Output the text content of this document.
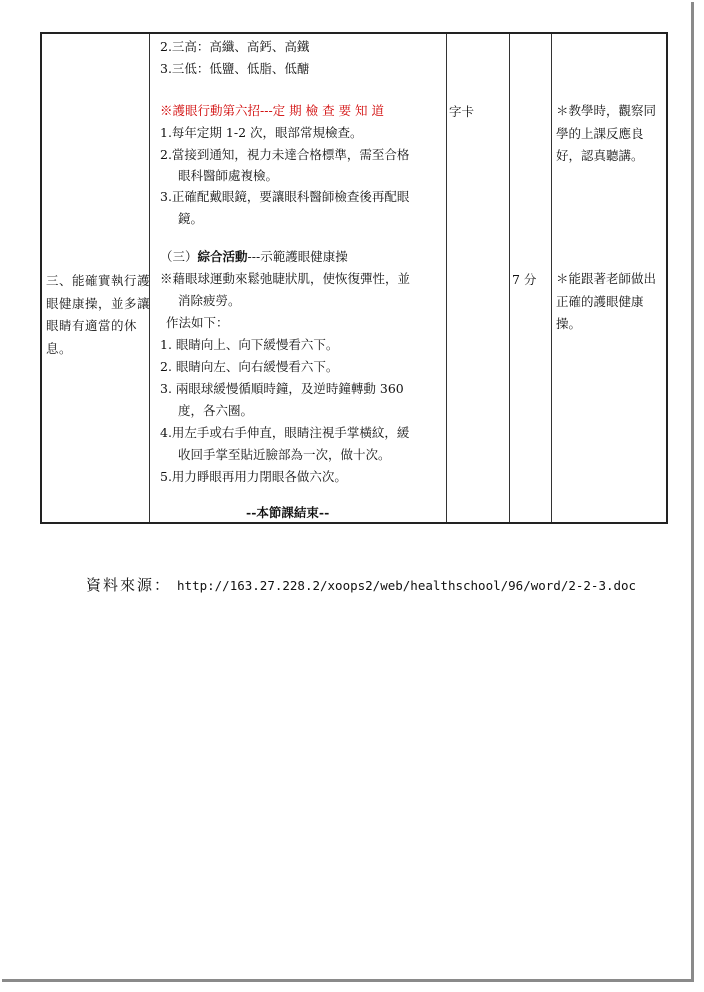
三、能確實執行護眼健康操，並多讓眼睛有適當的休息。
2.三高：高纖、高鈣、高鐵
3.三低：低鹽、低脂、低醣
※護眼行動第六招---定 期 檢 查 要 知 道
1.每年定期 1-2 次，眼部常規檢查。
2.當接到通知，視力未達合格標準，需至合格
眼科醫師處複檢。
3.正確配戴眼鏡，要讓眼科醫師檢查後再配眼
鏡。
（三）綜合活動---示範護眼健康操
※藉眼球運動來鬆弛睫狀肌，使恢復彈性，並
消除疲勞。
作法如下：
1. 眼睛向上、向下緩慢看六下。
2. 眼睛向左、向右緩慢看六下。
3. 兩眼球緩慢循順時鐘，及逆時鐘轉動 360
度，各六圈。
4.用左手或右手伸直，眼睛注視手掌橫紋，緩
收回手掌至貼近臉部為一次，做十次。
5.用力睜眼再用力閉眼各做六次。
--本節課結束--
字卡
7 分
＊教學時，觀察同學的上課反應良好，認真聽講。
＊能跟著老師做出正確的護眼健康操。
資料來源： http://163.27.228.2/xoops2/web/healthschool/96/word/2-2-3.doc
